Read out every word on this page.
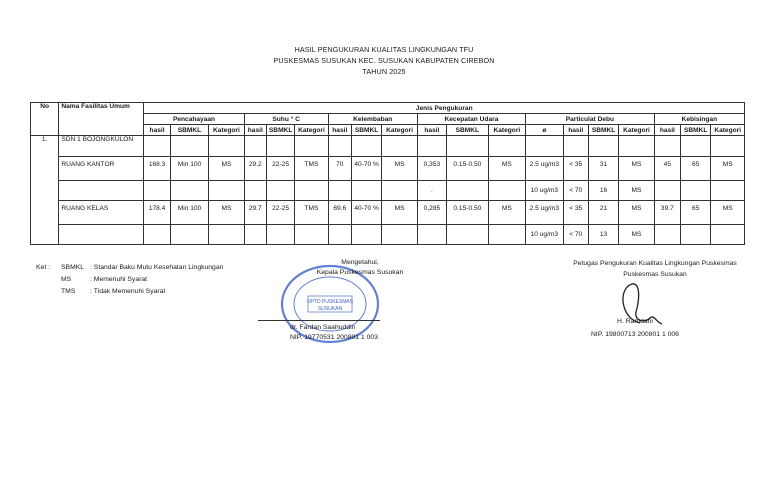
HASIL PENGUKURAN KUALITAS LINGKUNGAN TFU
PUSKESMAS SUSUKAN KEC. SUSUKAN KABUPATEN CIREBON
TAHUN 2025
No	Nama Fasilitas Umum	Jenis Pengukuran																		
		Pencahayaan			Suhu ° C			Kelembaban			Kecepatan Udara			Particulat Debu				Kebisingan		
		hasil	SBMKL	Kategori	hasil	SBMKL	Kategori	hasil	SBMKL	Kategori	hasil	SBMKL	Kategori	ø	hasil	SBMKL	Kategori	hasil	SBMKL	Kategori
1.	SDN 1 BOJONGKULON																			
	RUANG KANTOR	168.3	Min 100	MS	29.2	22-25	TMS	70	40-70 %	MS	0,353	0.15-0.50	MS	2.5 ug/m3	< 35	31	MS	45	65	MS
											.			10 ug/m3	< 70	16	MS			
	RUANG KELAS	178.4	Min 100	MS	29.7	22-25	TMS	69.6	40-70 %	MS	0,285	0.15-0.50	MS	2.5 ug/m3	< 35	21	MS	39.7	65	MS
														10 ug/m3	< 70	13	MS			
Ket :	SBMKL :
Standar Baku Mutu Kesehatan Lingkungan
MS	:
Memenuhi Syarat
TMS	:
Tidak Memenuhi Syarat
UPTD PUSKESMAS
SUSUKAN
Mengetahui,
Kepala Puskesmas Susukan
dr. Fardan Saahuddin
NIP. 19770531 200801 1 003
Petugas Pengukuran Kualitas Lingkungan Puskesmas
Puskesmas Susukan
H. Ramdani
NIP. 19800713 200801 1 006
